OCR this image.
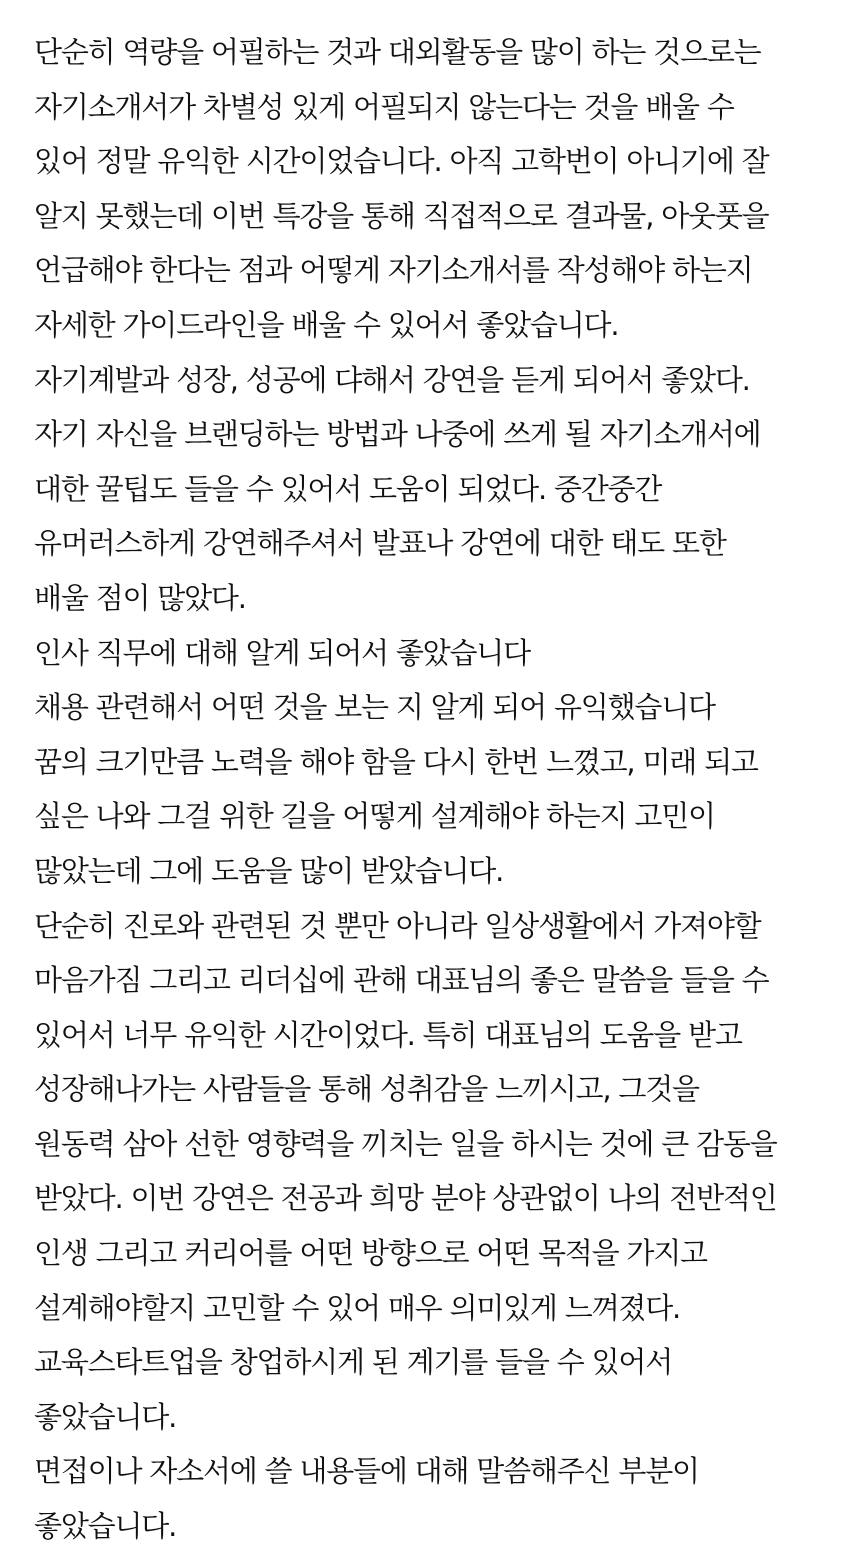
단순히 역량을 어필하는 것과 대외활동을 많이 하는 것으로는
자기소개서가 차별성 있게 어필되지 않는다는 것을 배울 수
있어 정말 유익한 시간이었습니다. 아직 고학번이 아니기에 잘
알지 못했는데 이번 특강을 통해 직접적으로 결과물, 아웃풋을
언급해야 한다는 점과 어떻게 자기소개서를 작성해야 하는지
자세한 가이드라인을 배울 수 있어서 좋았습니다.
자기계발과 성장, 성공에 댜해서 강연을 듣게 되어서 좋았다.
자기 자신을 브랜딩하는 방법과 나중에 쓰게 될 자기소개서에
대한 꿀팁도 들을 수 있어서 도움이 되었다. 중간중간
유머러스하게 강연해주셔서 발표나 강연에 대한 태도 또한
배울 점이 많았다.
인사 직무에 대해 알게 되어서 좋았습니다
채용 관련해서 어떤 것을 보는 지 알게 되어 유익했습니다
꿈의 크기만큼 노력을 해야 함을 다시 한번 느꼈고, 미래 되고
싶은 나와 그걸 위한 길을 어떻게 설계해야 하는지 고민이
많았는데 그에 도움을 많이 받았습니다.
단순히 진로와 관련된 것 뿐만 아니라 일상생활에서 가져야할
마음가짐 그리고 리더십에 관해 대표님의 좋은 말씀을 들을 수
있어서 너무 유익한 시간이었다. 특히 대표님의 도움을 받고
성장해나가는 사람들을 통해 성취감을 느끼시고, 그것을
원동력 삼아 선한 영향력을 끼치는 일을 하시는 것에 큰 감동을
받았다. 이번 강연은 전공과 희망 분야 상관없이 나의 전반적인
인생 그리고 커리어를 어떤 방향으로 어떤 목적을 가지고
설계해야할지 고민할 수 있어 매우 의미있게 느껴졌다.
교육스타트업을 창업하시게 된 계기를 들을 수 있어서
좋았습니다.
면접이나 자소서에 쓸 내용들에 대해 말씀해주신 부분이
좋았습니다.
